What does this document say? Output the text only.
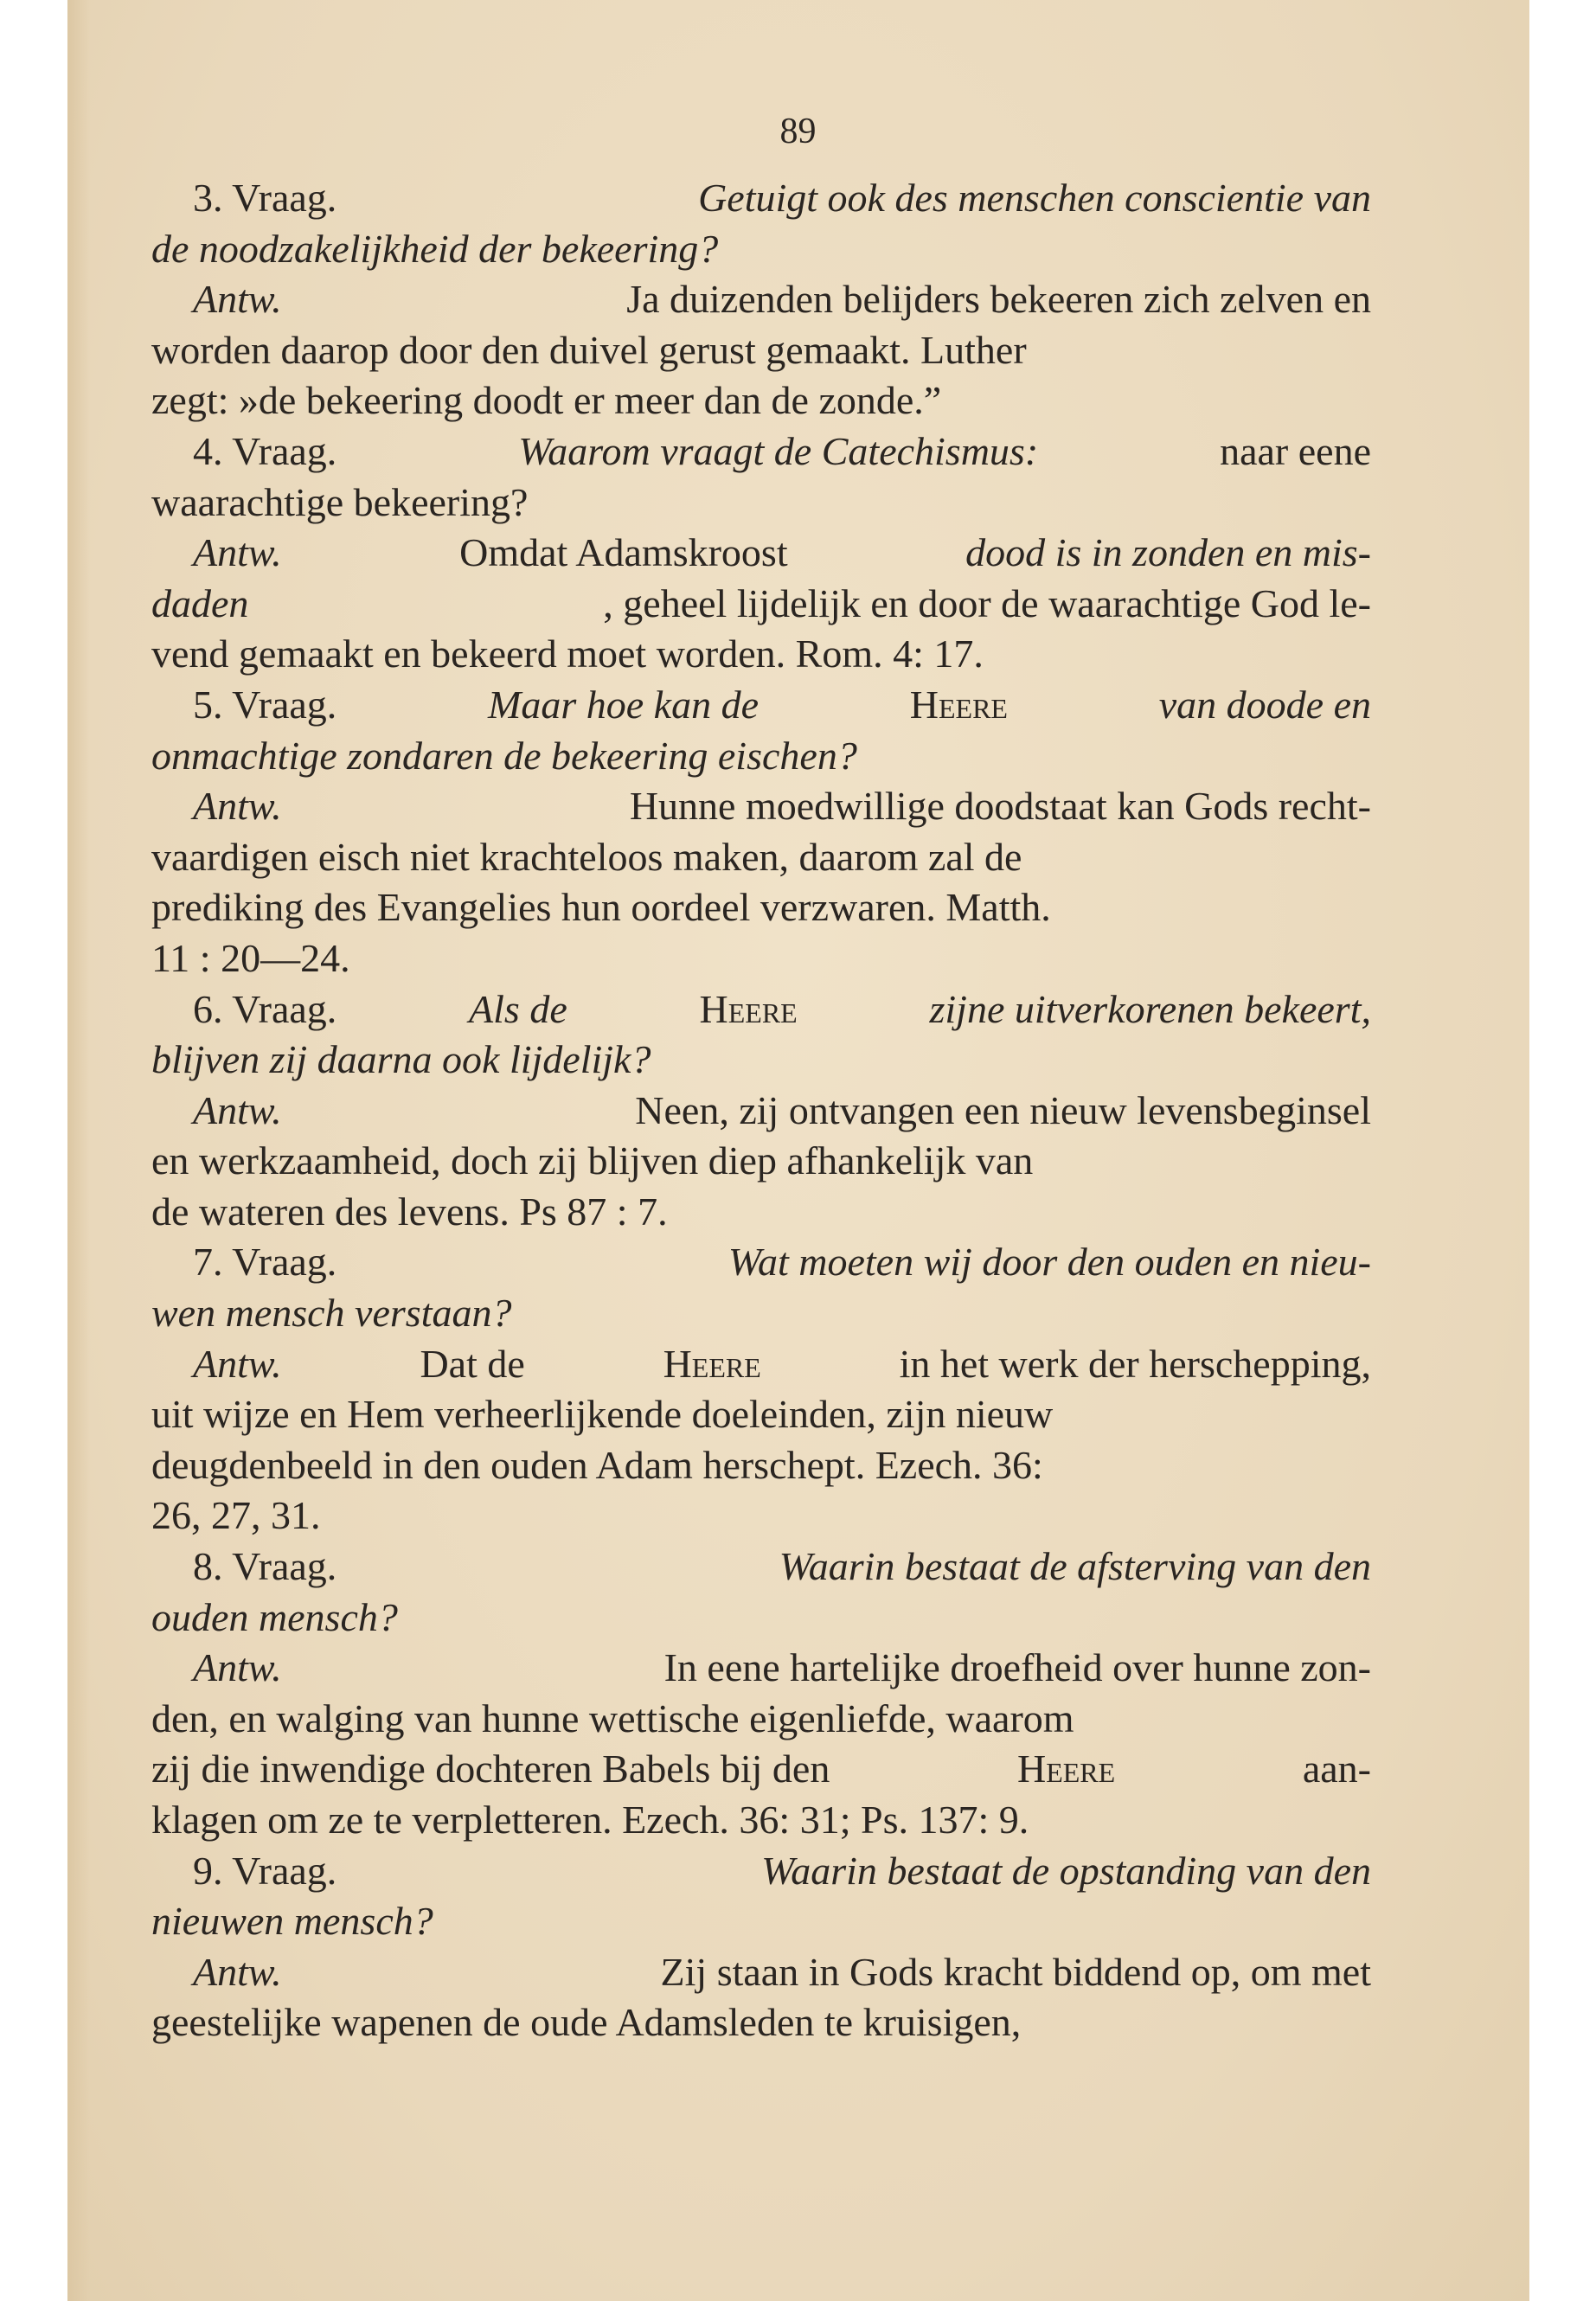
89
3. Vraag.	Getuigt ook des menschen conscientie van
de noodzakelijkheid der bekeering?
Antw.	Ja duizenden belijders bekeeren zich zelven en
worden daarop door den duivel gerust gemaakt. Luther
zegt: »de bekeering doodt er meer dan de zonde.”
4. Vraag.	Waarom vraagt de Catechismus:	naar eene
waarachtige bekeering?
Antw.	Omdat Adamskroost	dood is in zonden en mis-
daden	, geheel lijdelijk en door de waarachtige God le-
vend gemaakt en bekeerd moet worden. Rom. 4: 17.
5. Vraag.	Maar hoe kan de	Heere	van doode en
onmachtige zondaren de bekeering eischen?
Antw.	Hunne moedwillige doodstaat kan Gods recht-
vaardigen eisch niet krachteloos maken, daarom zal de
prediking des Evangelies hun oordeel verzwaren. Matth.
11 : 20—24.
6. Vraag.	Als de	Heere	zijne uitverkorenen bekeert,
blijven zij daarna ook lijdelijk?
Antw.	Neen, zij ontvangen een nieuw levensbeginsel
en werkzaamheid, doch zij blijven diep afhankelijk van
de wateren des levens. Ps 87 : 7.
7. Vraag.	Wat moeten wij door den ouden en nieu-
wen mensch verstaan?
Antw.	Dat de	Heere	in het werk der herschepping,
uit wijze en Hem verheerlijkende doeleinden, zijn nieuw
deugdenbeeld in den ouden Adam herschept. Ezech. 36:
26, 27, 31.
8. Vraag.	Waarin bestaat de afsterving van den
ouden mensch?
Antw.	In eene hartelijke droefheid over hunne zon-
den, en walging van hunne wettische eigenliefde, waarom
zij die inwendige dochteren Babels bij den	Heere	aan-
klagen om ze te verpletteren. Ezech. 36: 31; Ps. 137: 9.
9. Vraag.	Waarin bestaat de opstanding van den
nieuwen mensch?
Antw.	Zij staan in Gods kracht biddend op, om met
geestelijke wapenen de oude Adamsleden te kruisigen,
